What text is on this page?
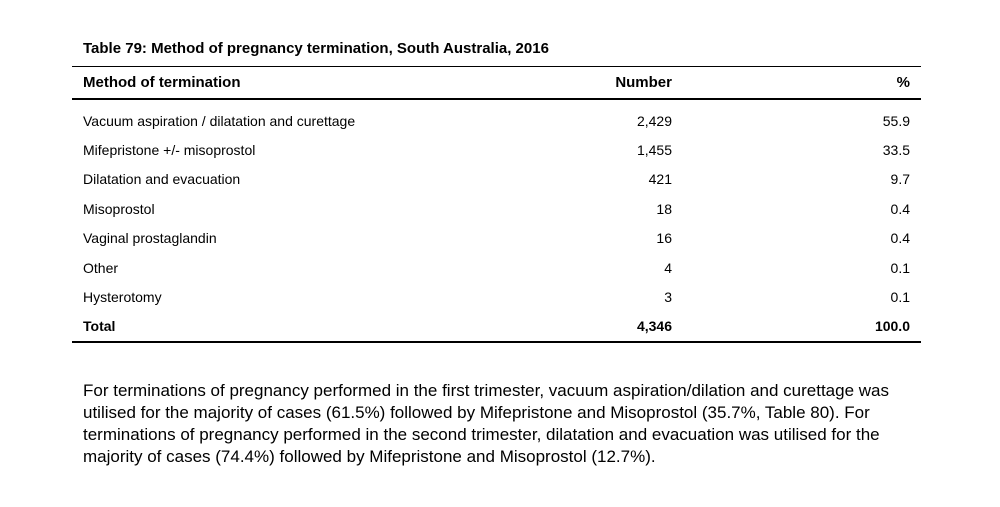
Table 79: Method of pregnancy termination, South Australia, 2016
Method of termination	Number	%
Vacuum aspiration / dilatation and curettage	2,429	55.9
Mifepristone +/- misoprostol	1,455	33.5
Dilatation and evacuation	421	9.7
Misoprostol	18	0.4
Vaginal prostaglandin	16	0.4
Other	4	0.1
Hysterotomy	3	0.1
Total	4,346	100.0

For terminations of pregnancy performed in the first trimester, vacuum aspiration/dilation and curettage was utilised for the majority of cases (61.5%) followed by Mifepristone and Misoprostol (35.7%, Table 80). For terminations of pregnancy performed in the second trimester, dilatation and evacuation was utilised for the majority of cases (74.4%) followed by Mifepristone and Misoprostol (12.7%).
